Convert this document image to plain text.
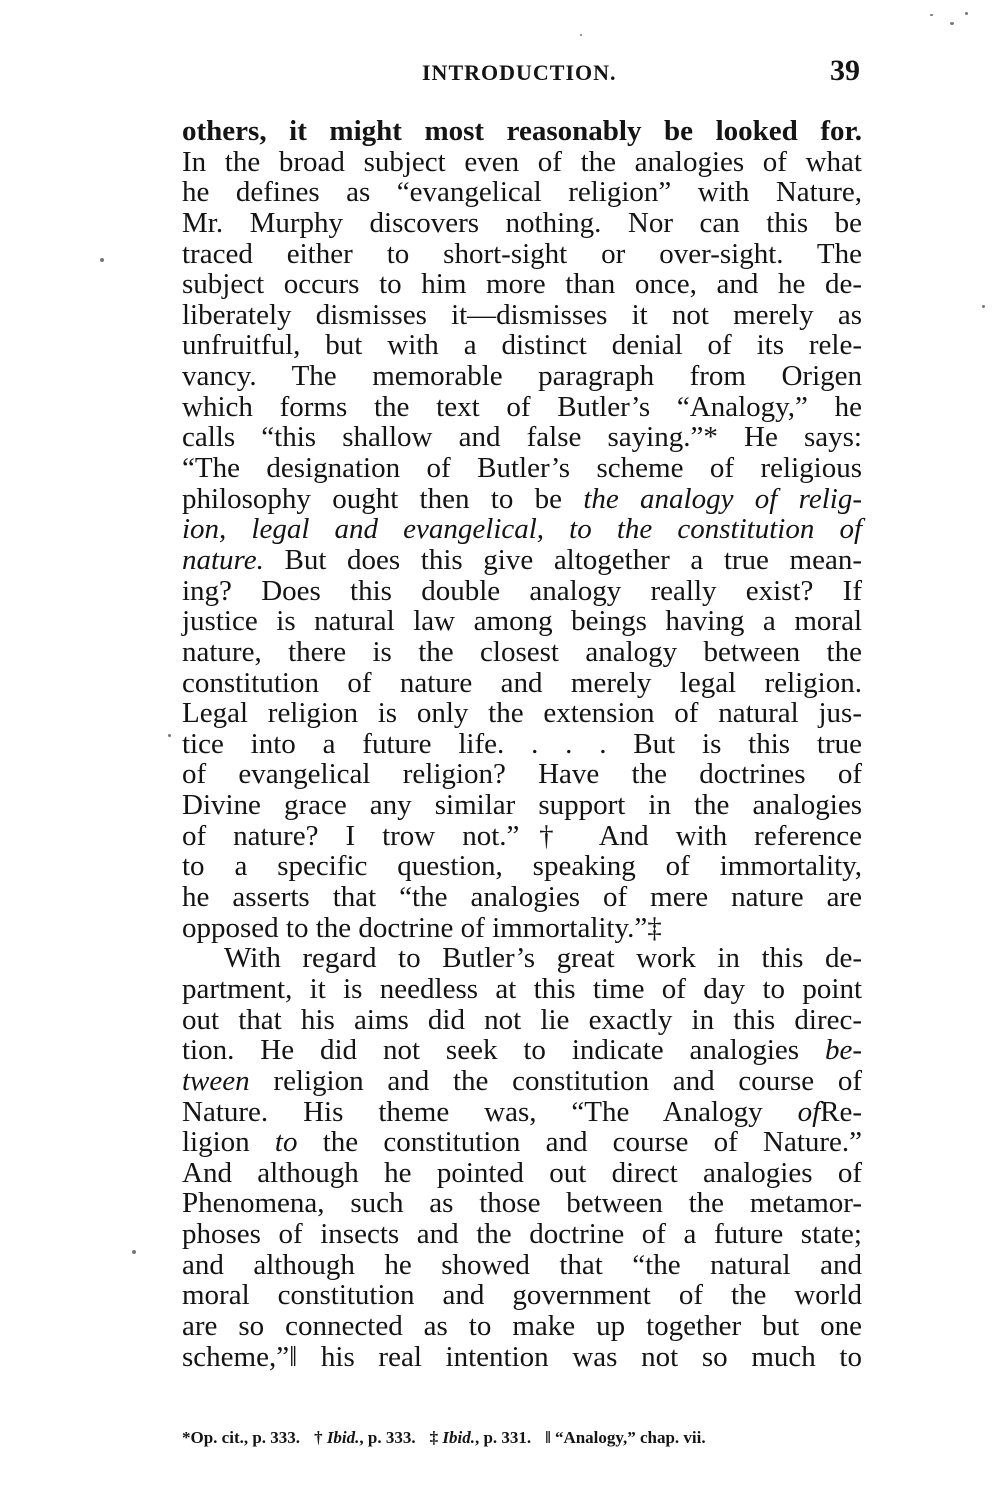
INTRODUCTION.	39
others, it might most reasonably be looked for.
In the broad subject even of the analogies of what
he defines as “evangelical religion” with Nature,
Mr. Murphy discovers nothing. Nor can this be
traced either to short-sight or over-sight. The
subject occurs to him more than once, and he de-
liberately dismisses it—dismisses it not merely as
unfruitful, but with a distinct denial of its rele-
vancy. The memorable paragraph from Origen
which forms the text of Butler’s “Analogy,” he
calls “this shallow and false saying.”* He says:
“The designation of Butler’s scheme of religious
philosophy ought then to be the analogy of relig-
ion, legal and evangelical, to the constitution of
nature. But does this give altogether a true mean-
ing? Does this double analogy really exist? If
justice is natural law among beings having a moral
nature, there is the closest analogy between the
constitution of nature and merely legal religion.
Legal religion is only the extension of natural jus-
tice into a future life. . . . But is this true
of evangelical religion? Have the doctrines of
Divine grace any similar support in the analogies
of nature? I trow not.”† And with reference
to a specific question, speaking of immortality,
he asserts that “the analogies of mere nature are
opposed to the doctrine of immortality.”‡
With regard to Butler’s great work in this de-
partment, it is needless at this time of day to point
out that his aims did not lie exactly in this direc-
tion. He did not seek to indicate analogies be-
tween religion and the constitution and course of
Nature. His theme was, “The Analogy ofRe-
ligion to the constitution and course of Nature.”
And although he pointed out direct analogies of
Phenomena, such as those between the metamor-
phoses of insects and the doctrine of a future state;
and although he showed that “the natural and
moral constitution and government of the world
are so connected as to make up together but one
scheme,”‖ his real intention was not so much to
*Op. cit., p. 333. † Ibid., p. 333. ‡ Ibid., p. 331. ‖ “Analogy,” chap. vii.
